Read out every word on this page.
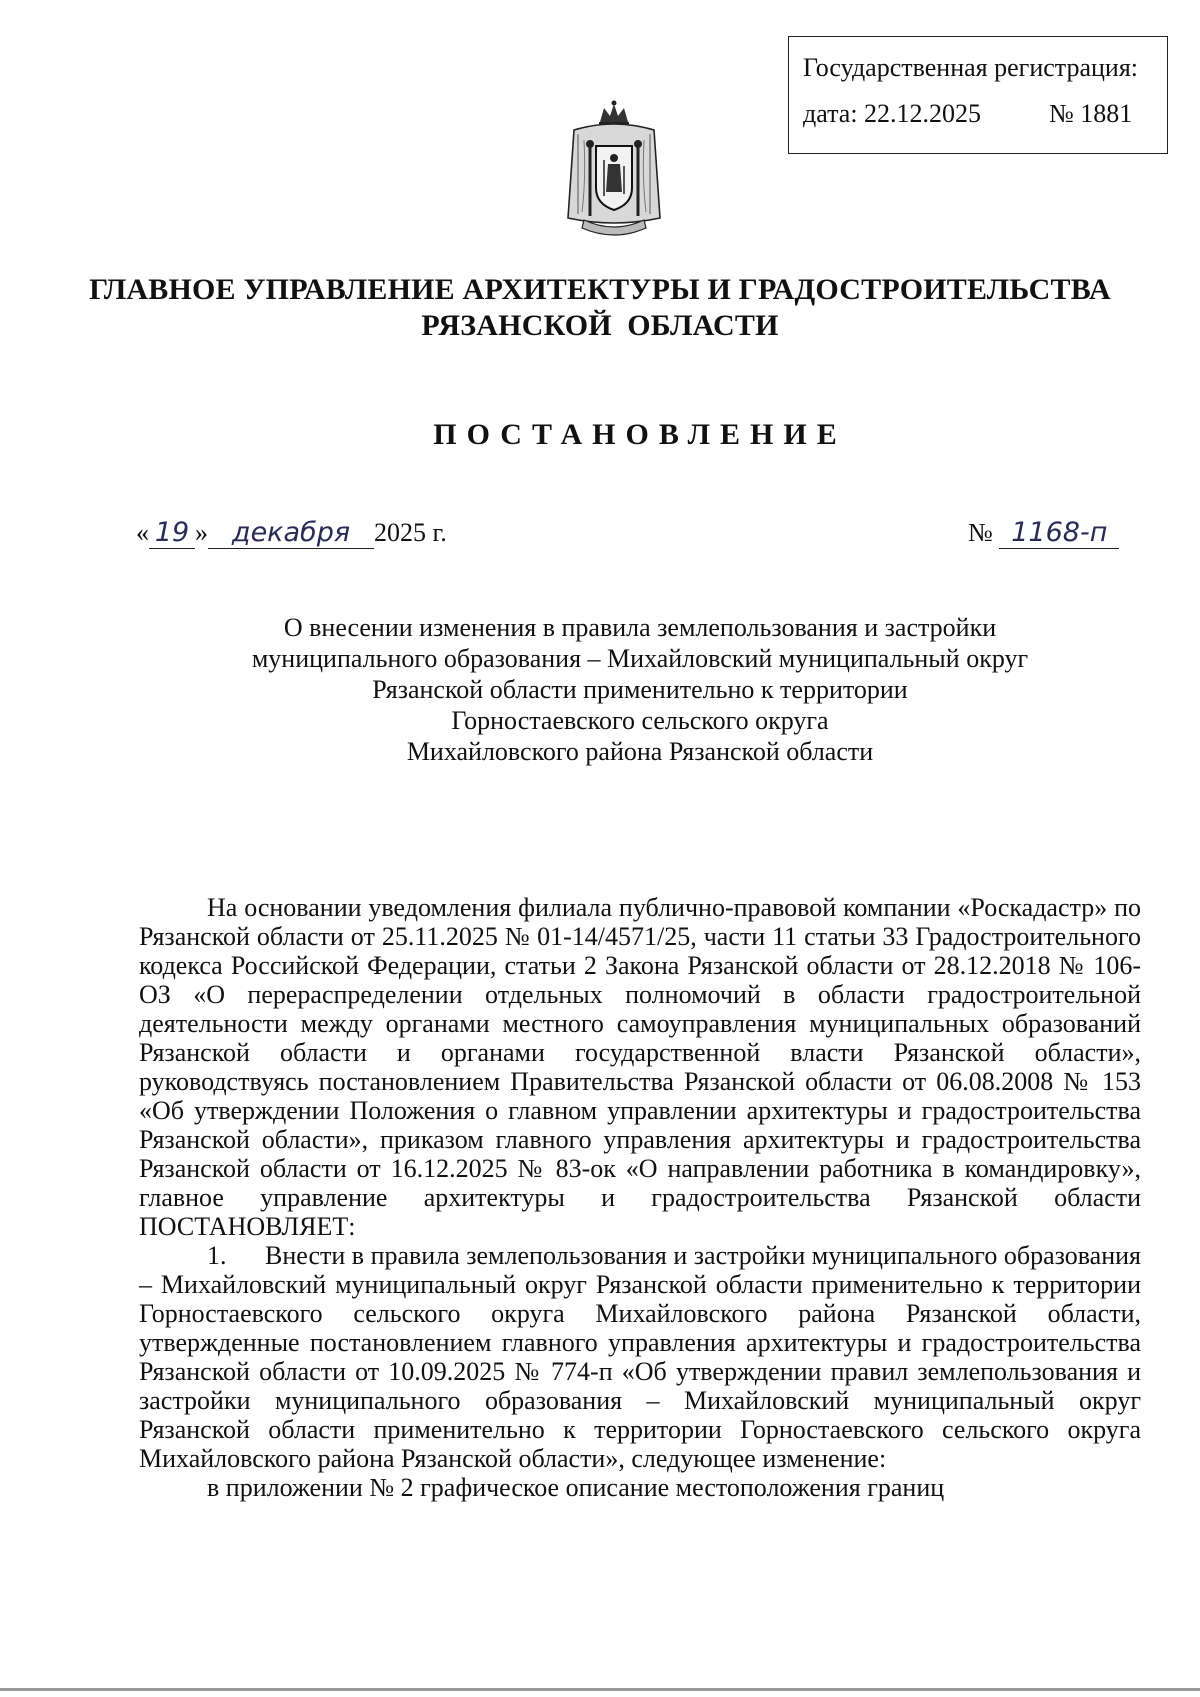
Государственная регистрация:
дата: 22.12.2025	№ 1881
ГЛАВНОЕ УПРАВЛЕНИЕ АРХИТЕКТУРЫ И ГРАДОСТРОИТЕЛЬСТВА
РЯЗАНСКОЙ  ОБЛАСТИ
ПОСТАНОВЛЕНИЕ
« 19 » декабря 2025 г.	№ 1168-п
О внесении изменения в правила землепользования и застройки
муниципального образования – Михайловский муниципальный округ
Рязанской области применительно к территории
Горностаевского сельского округа
Михайловского района Рязанской области

На основании уведомления филиала публично-правовой компании «Роскадастр» по Рязанской области от 25.11.2025 № 01-14/4571/25, части 11 статьи 33 Градостроительного кодекса Российской Федерации, статьи 2 Закона Рязанской области от 28.12.2018 № 106-ОЗ «О перераспределении отдельных полномочий в области градостроительной деятельности между органами местного самоуправления муниципальных образований Рязанской области и органами государственной власти Рязанской области», руководствуясь постановлением Правительства Рязанской области от 06.08.2008 № 153 «Об утверждении Положения о главном управлении архитектуры и градостроительства Рязанской области», приказом главного управления архитектуры и градостроительства Рязанской области от 16.12.2025 № 83-ок «О направлении работника в командировку», главное управление архитектуры и градостроительства Рязанской области ПОСТАНОВЛЯЕТ:

1. Внести в правила землепользования и застройки муниципального образования – Михайловский муниципальный округ Рязанской области применительно к территории Горностаевского сельского округа Михайловского района Рязанской области, утвержденные постановлением главного управления архитектуры и градостроительства Рязанской области от 10.09.2025 № 774-п «Об утверждении правил землепользования и застройки муниципального образования – Михайловский муниципальный округ Рязанской области применительно к территории Горностаевского сельского округа Михайловского района Рязанской области», следующее изменение:

в приложении № 2 графическое описание местоположения границ
